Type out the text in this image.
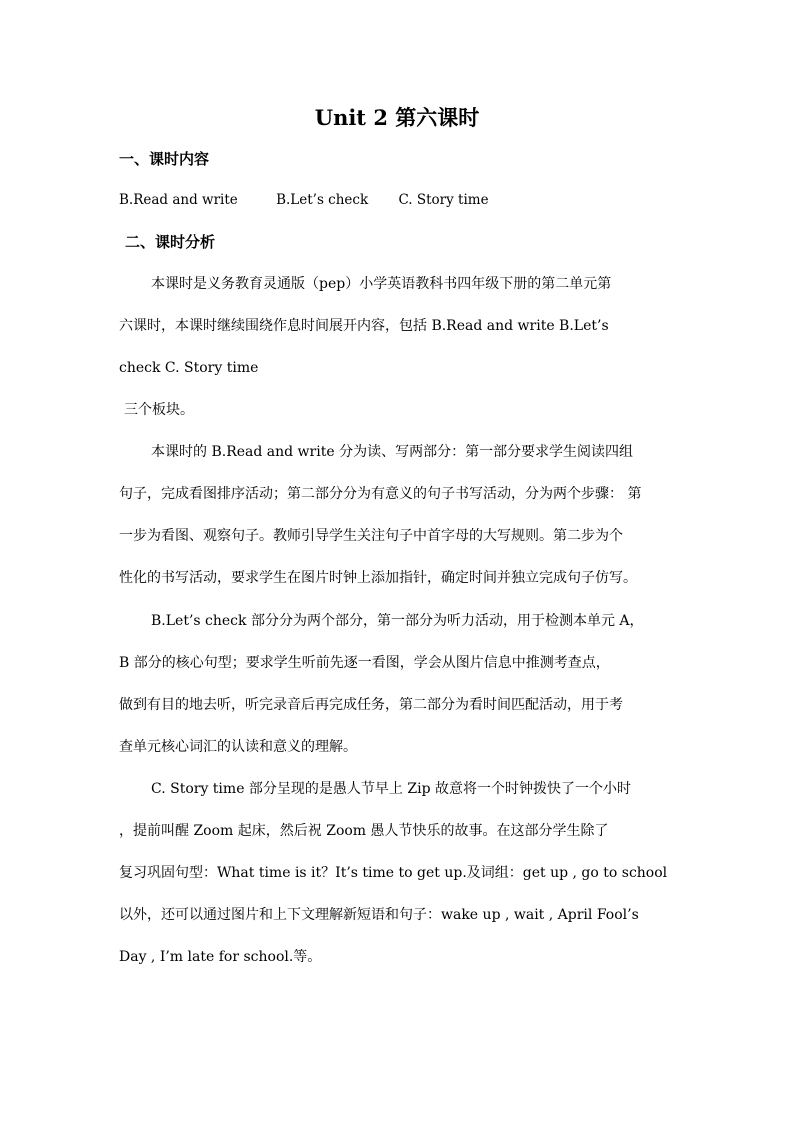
Unit 2 第六课时
一、课时内容
B.Read and write	B.Let’s check C. Story time
二、课时分析
本课时是义务教育灵通版（pep）小学英语教科书四年级下册的第二单元第
六课时，本课时继续围绕作息时间展开内容，包括 B.Read and write B.Let’s
check C. Story time
三个板块。
本课时的 B.Read and write 分为读、写两部分：第一部分要求学生阅读四组
句子，完成看图排序活动；第二部分分为有意义的句子书写活动，分为两个步骤： 第
一步为看图、观察句子。教师引导学生关注句子中首字母的大写规则。第二步为个
性化的书写活动，要求学生在图片时钟上添加指针，确定时间并独立完成句子仿写。
B.Let’s check 部分分为两个部分，第一部分为听力活动，用于检测本单元 A，
B 部分的核心句型；要求学生听前先逐一看图，学会从图片信息中推测考查点，
做到有目的地去听，听完录音后再完成任务，第二部分为看时间匹配活动，用于考
查单元核心词汇的认读和意义的理解。
C. Story time 部分呈现的是愚人节早上 Zip 故意将一个时钟拨快了一个小时
，提前叫醒 Zoom 起床，然后祝 Zoom 愚人节快乐的故事。在这部分学生除了
复习巩固句型：What time is it？It’s time to get up.及词组：get up , go to school
以外，还可以通过图片和上下文理解新短语和句子：wake up , wait , April Fool’s
Day , I’m late for school.等。
